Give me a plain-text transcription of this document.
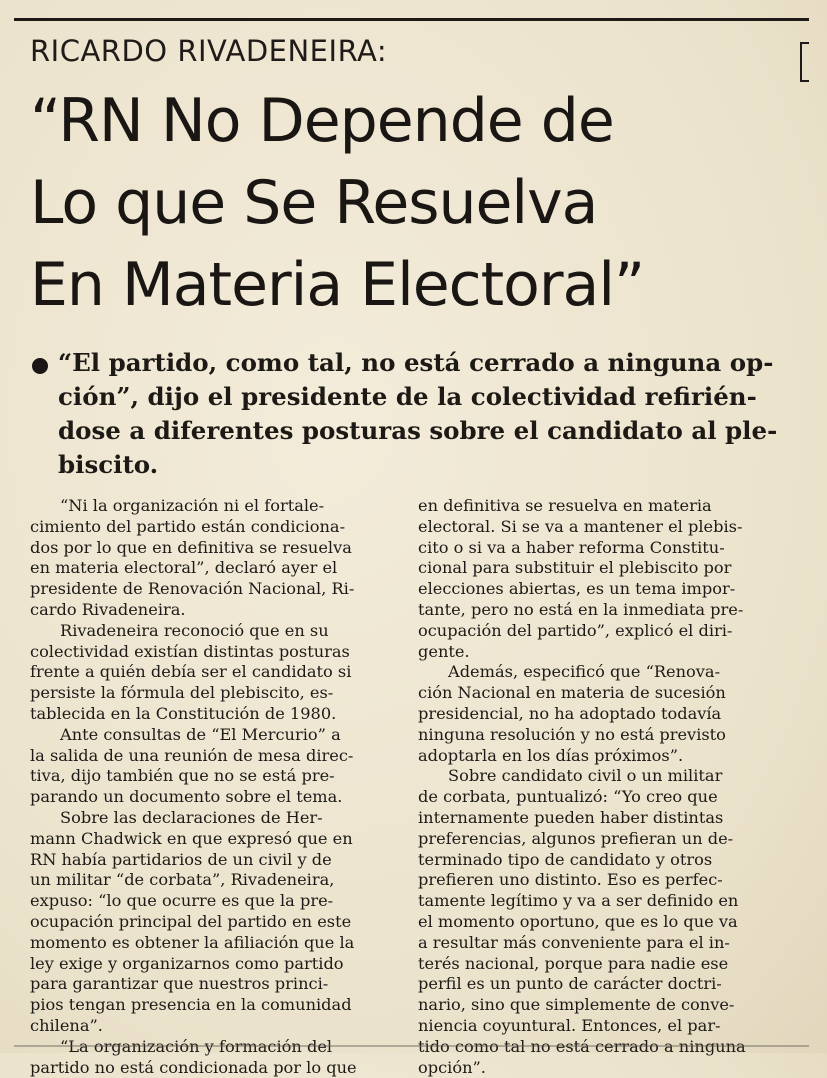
RICARDO RIVADENEIRA:
“RN No Depende de
Lo que Se Resuelva
En Materia Electoral”
“El partido, como tal, no está cerrado a ninguna op-
ción”, dijo el presidente de la colectividad refirién-
dose a diferentes posturas sobre el candidato al ple-
biscito.
“Ni la organización ni el fortale-
cimiento del partido están condiciona-
dos por lo que en definitiva se resuelva
en materia electoral”, declaró ayer el
presidente de Renovación Nacional, Ri-
cardo Rivadeneira.
Rivadeneira reconoció que en su
colectividad existían distintas posturas
frente a quién debía ser el candidato si
persiste la fórmula del plebiscito, es-
tablecida en la Constitución de 1980.
Ante consultas de “El Mercurio” a
la salida de una reunión de mesa direc-
tiva, dijo también que no se está pre-
parando un documento sobre el tema.
Sobre las declaraciones de Her-
mann Chadwick en que expresó que en
RN había partidarios de un civil y de
un militar “de corbata”, Rivadeneira,
expuso: “lo que ocurre es que la pre-
ocupación principal del partido en este
momento es obtener la afiliación que la
ley exige y organizarnos como partido
para garantizar que nuestros princi-
pios tengan presencia en la comunidad
chilena”.
“La organización y formación del
partido no está condicionada por lo que
en definitiva se resuelva en materia
electoral. Si se va a mantener el plebis-
cito o si va a haber reforma Constitu-
cional para substituir el plebiscito por
elecciones abiertas, es un tema impor-
tante, pero no está en la inmediata pre-
ocupación del partido”, explicó el diri-
gente.
Además, especificó que “Renova-
ción Nacional en materia de sucesión
presidencial, no ha adoptado todavía
ninguna resolución y no está previsto
adoptarla en los días próximos”.
Sobre candidato civil o un militar
de corbata, puntualizó: “Yo creo que
internamente pueden haber distintas
preferencias, algunos prefieran un de-
terminado tipo de candidato y otros
prefieren uno distinto. Eso es perfec-
tamente legítimo y va a ser definido en
el momento oportuno, que es lo que va
a resultar más conveniente para el in-
terés nacional, porque para nadie ese
perfil es un punto de carácter doctri-
nario, sino que simplemente de conve-
niencia coyuntural. Entonces, el par-
tido como tal no está cerrado a ninguna
opción”.
